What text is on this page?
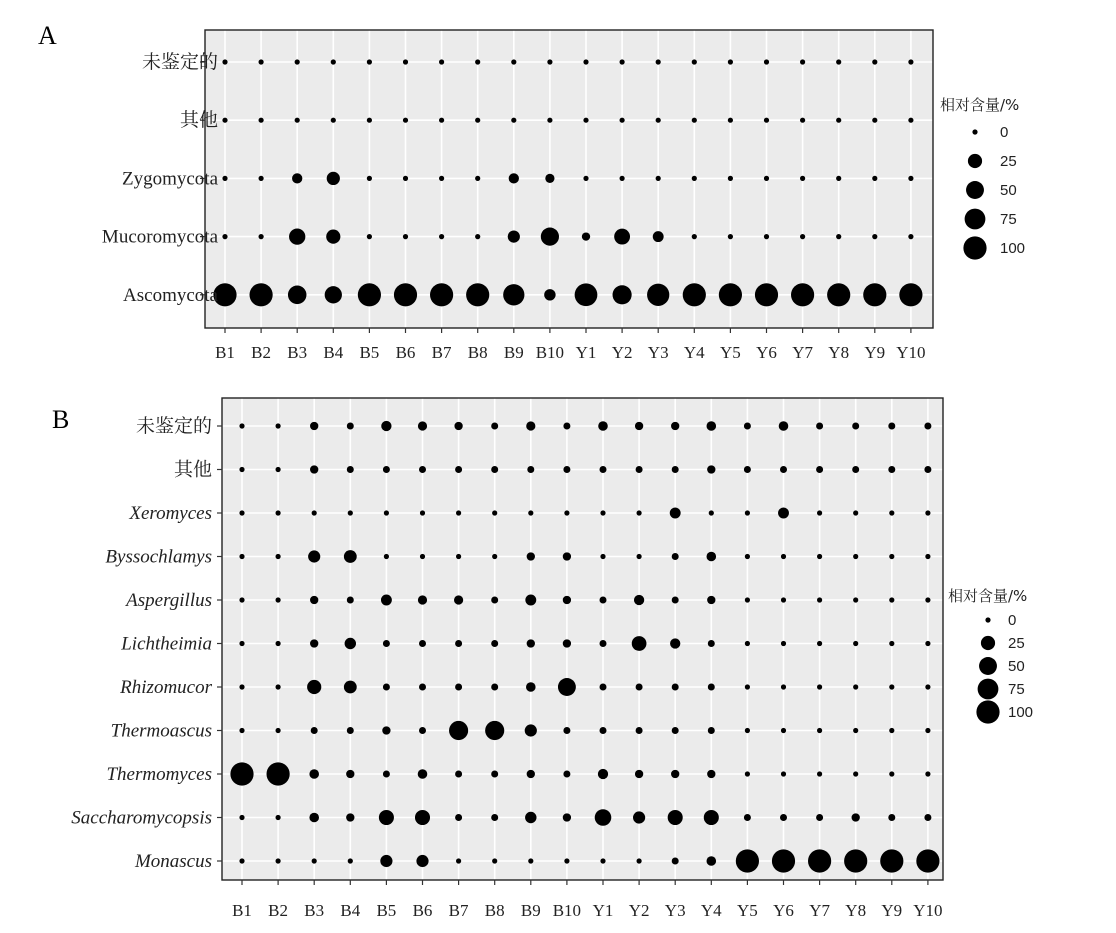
未鉴定的
其他
Zygomycota
Mucoromycota
Ascomycota
B1 B2 B3 B4 B5 B6 B7 B8 B9 B10 Y1 Y2 Y3 Y4 Y5 Y6 Y7 Y8 Y9 Y10
A
相对含量/%
0
25
50
75
100
未鉴定的
其他
Xeromyces
Byssochlamys
Aspergillus
Lichtheimia
Rhizomucor
Thermoascus
Thermomyces
Saccharomycopsis
Monascus
B1 B2 B3 B4 B5 B6 B7 B8 B9 B10 Y1 Y2 Y3 Y4 Y5 Y6 Y7 Y8 Y9 Y10
B
相对含量/%
0
25
50
75
100
